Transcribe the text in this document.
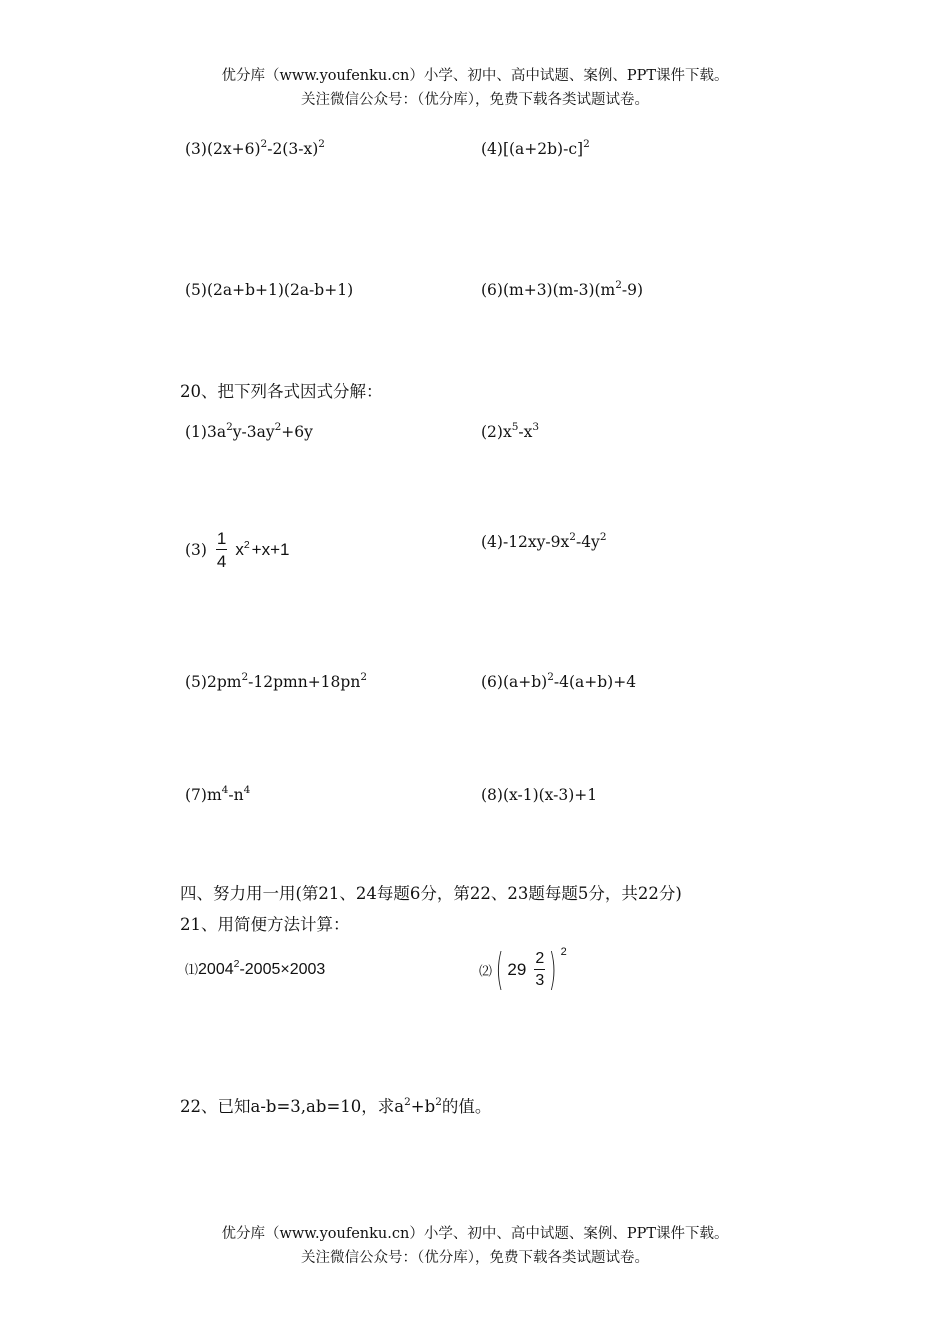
优分库（www.youfenku.cn）小学、初中、高中试题、案例、PPT课件下载。
关注微信公众号：（优分库），免费下载各类试题试卷。
$(3)(2x+6)^2-2(3-x)^2$	$(4)[(a+2b)-c]^2$
(5)(2a+b+1)(2a-b+1)	$(6)(m+3)(m-3)(m^2-9)$
20、把下列各式因式分解：
$(1)3a^2y-3ay^2+6y$	$(2)x^5-x^3$
$(3) \frac{1}{4} x^2 +x+1$	$(4)-12xy-9x^2-4y^2$
$(5)2pm^2-12pmn+18pn^2$	$(6)(a+b)^2-4(a+b)+4$
$(7)m^4-n^4$	(8)(x-1)(x-3)+1
四、努力用一用(第21、24每题6分，第22、23题每题5分，共22分)
21、用简便方法计算：
$⑴2004^2-2005\times 2003$	⑵ ( $29 \frac{2}{3}$ ) $^2$
22、已知a-b=3,ab=10，求$a^2+b^2$的值。
优分库（www.youfenku.cn）小学、初中、高中试题、案例、PPT课件下载。
关注微信公众号：（优分库），免费下载各类试题试卷。
